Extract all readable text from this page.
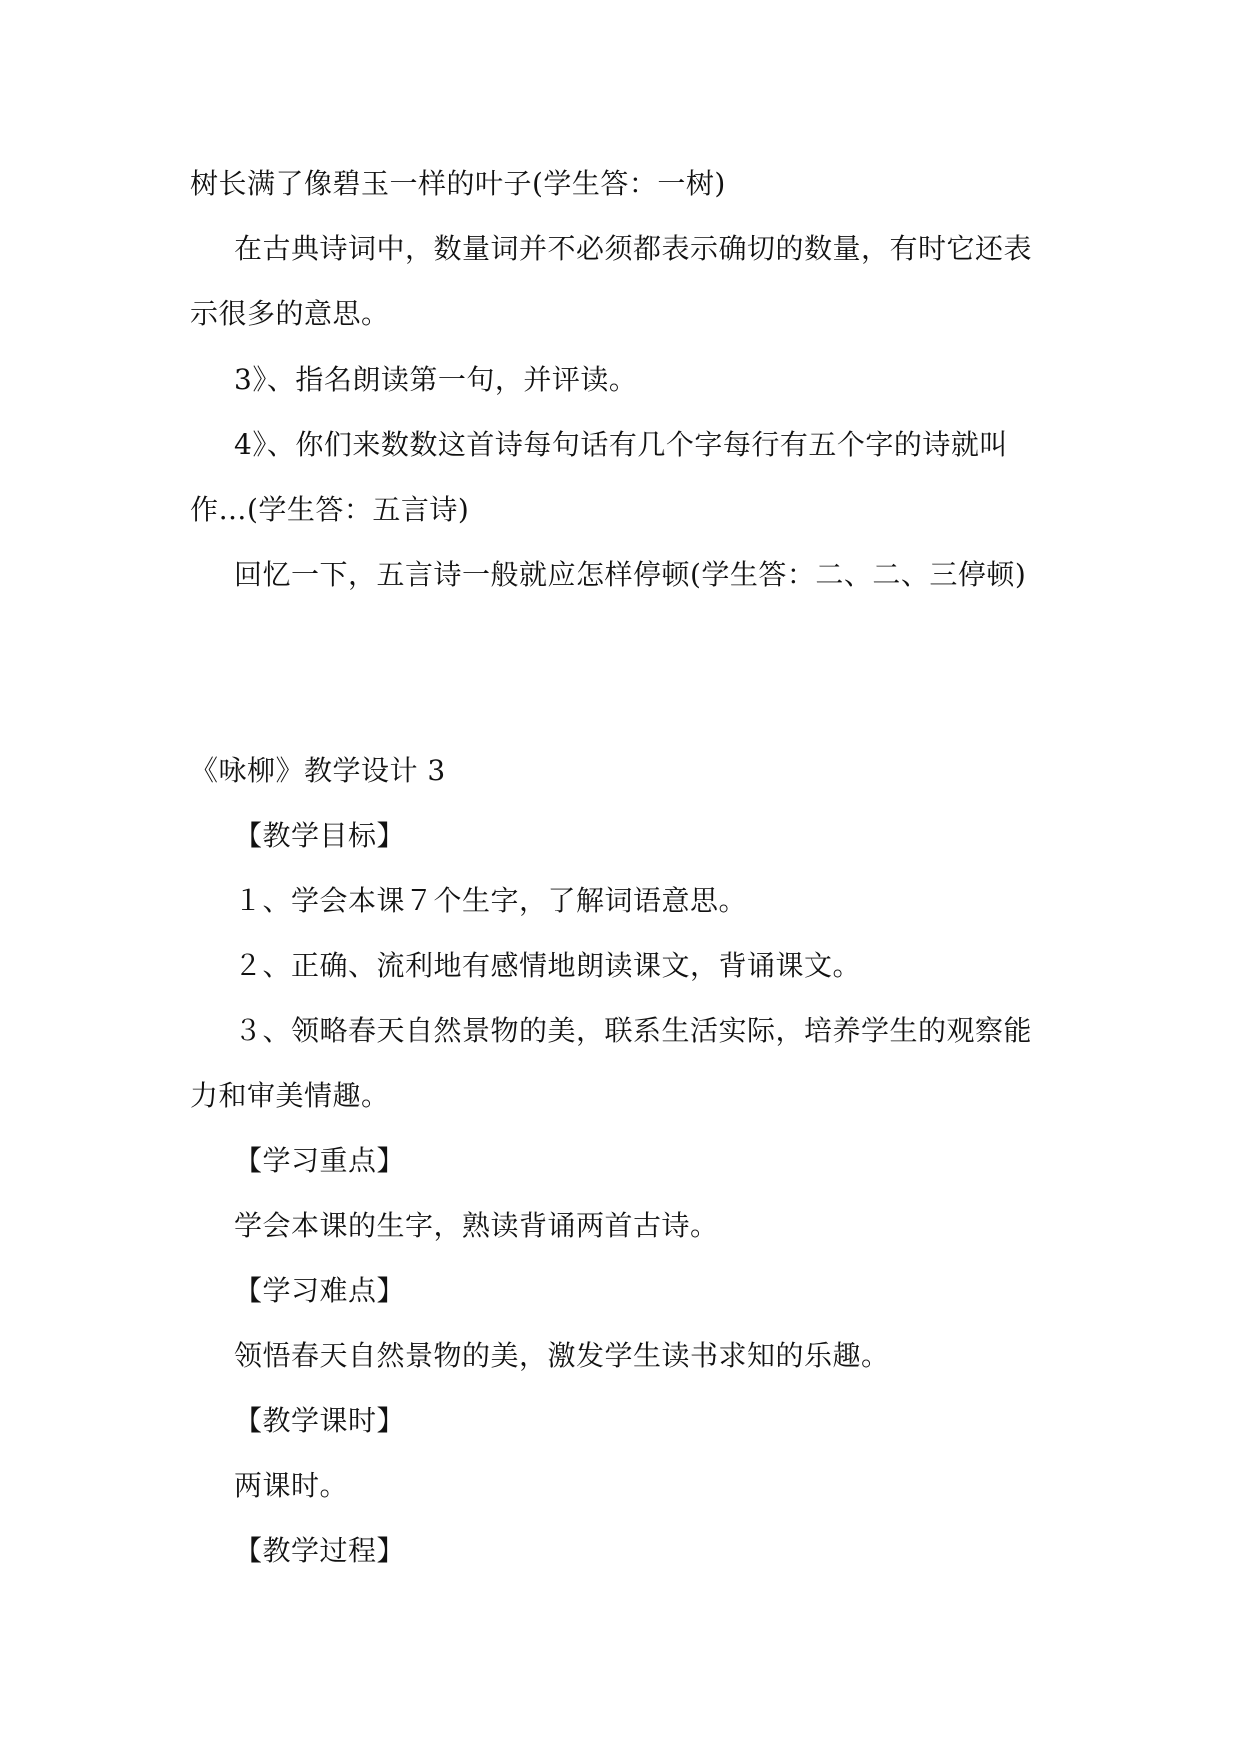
树长满了像碧玉一样的叶子(学生答：一树)
在古典诗词中，数量词并不必须都表示确切的数量，有时它还表
示很多的意思。
3》、指名朗读第一句，并评读。
4》、你们来数数这首诗每句话有几个字每行有五个字的诗就叫
作…(学生答：五言诗)
回忆一下，五言诗一般就应怎样停顿(学生答：二、二、三停顿)
《咏柳》教学设计 3
【教学目标】
１、学会本课７个生字，了解词语意思。
２、正确、流利地有感情地朗读课文，背诵课文。
３、领略春天自然景物的美，联系生活实际，培养学生的观察能
力和审美情趣。
【学习重点】
学会本课的生字，熟读背诵两首古诗。
【学习难点】
领悟春天自然景物的美，激发学生读书求知的乐趣。
【教学课时】
两课时。
【教学过程】
